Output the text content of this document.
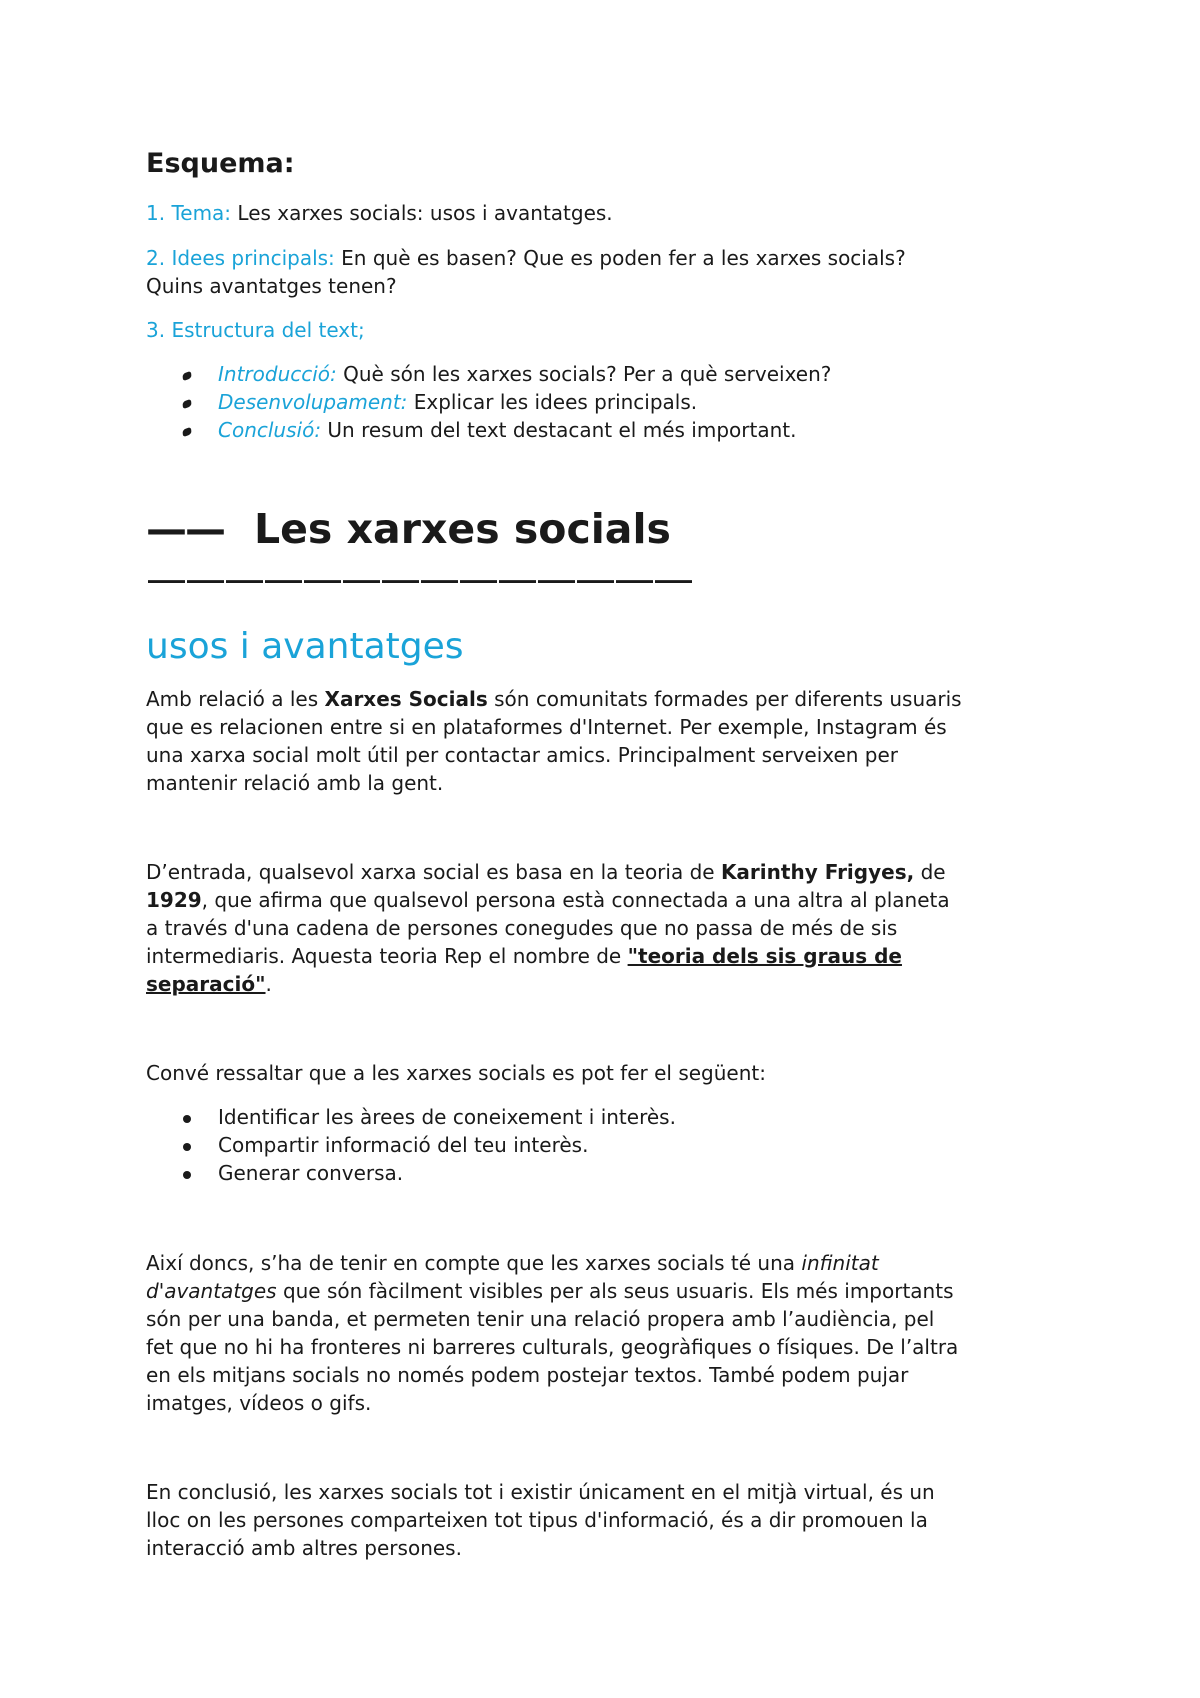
Esquema:

1. Tema: Les xarxes socials: usos i avantatges.

2. Idees principals: En què es basen? Que es poden fer a les xarxes socials?

Quins avantatges tenen?

3. Estructura del text;

Introducció: Què són les xarxes socials? Per a què serveixen?
Desenvolupament: Explicar les idees principals.
Conclusió: Un resum del text destacant el més important.
—— Les xarxes socials

——————————————

usos i avantatges

Amb relació a les Xarxes Socials són comunitats formades per diferents usuaris

que es relacionen entre si en plataformes d'Internet. Per exemple, Instagram és

una xarxa social molt útil per contactar amics. Principalment serveixen per

mantenir relació amb la gent.

D’entrada, qualsevol xarxa social es basa en la teoria de Karinthy Frigyes, de

1929, que afirma que qualsevol persona està connectada a una altra al planeta

a través d'una cadena de persones conegudes que no passa de més de sis

intermediaris. Aquesta teoria Rep el nombre de "teoria dels sis graus de

separació".

Convé ressaltar que a les xarxes socials es pot fer el següent:

Identificar les àrees de coneixement i interès.
Compartir informació del teu interès.
Generar conversa.

Així doncs, s’ha de tenir en compte que les xarxes socials té una infinitat

d'avantatges que són fàcilment visibles per als seus usuaris. Els més importants

són per una banda, et permeten tenir una relació propera amb l’audiència, pel

fet que no hi ha fronteres ni barreres culturals, geogràfiques o físiques. De l’altra

en els mitjans socials no només podem postejar textos. També podem pujar

imatges, vídeos o gifs.

En conclusió, les xarxes socials tot i existir únicament en el mitjà virtual, és un

lloc on les persones comparteixen tot tipus d'informació, és a dir promouen la

interacció amb altres persones.
